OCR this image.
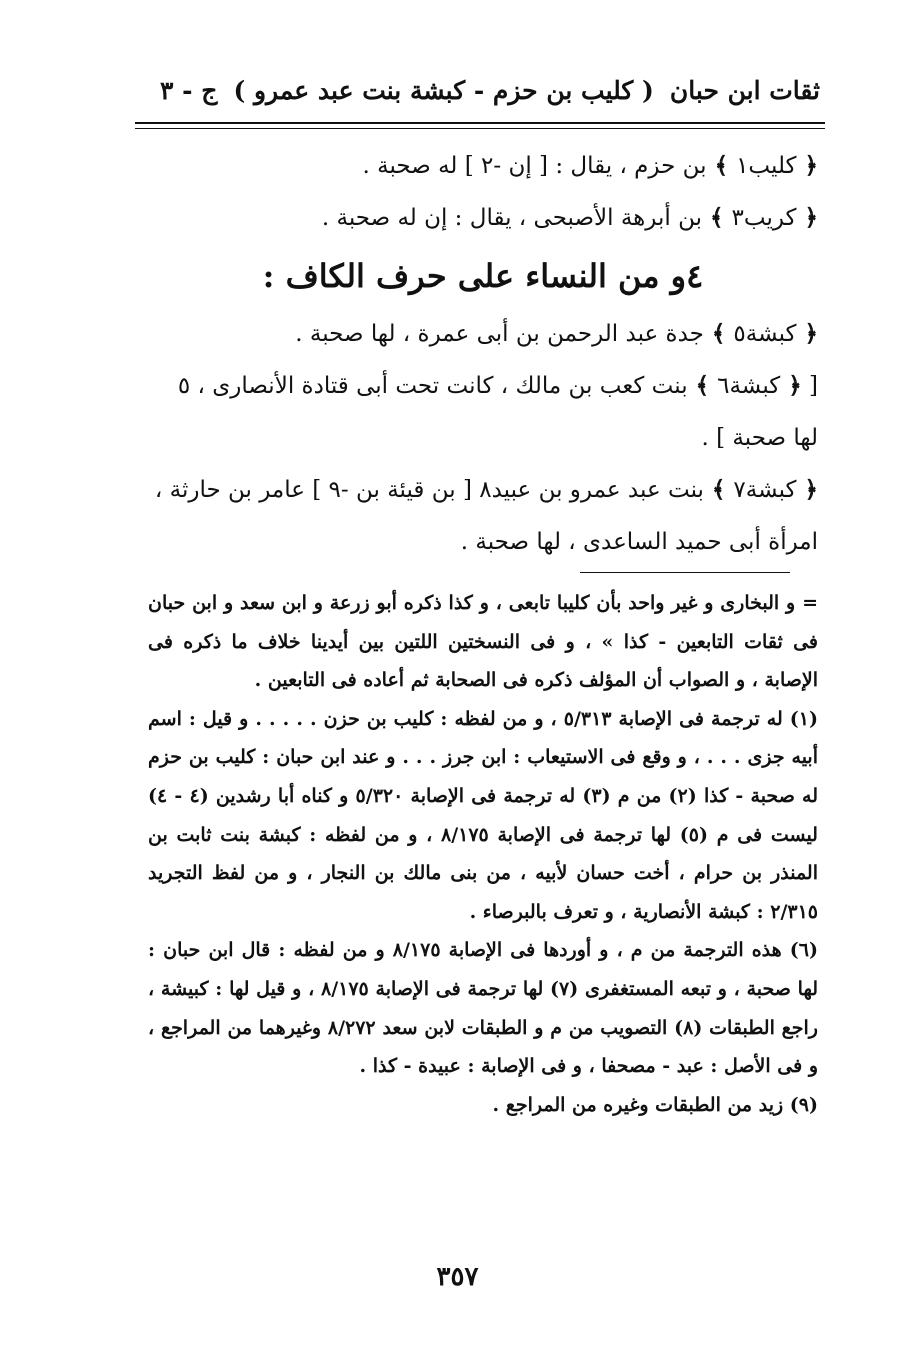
ثقات ابن حبان
( كليب بن حزم - كبشة بنت عبد عمرو )
ج - ٣

﴿ كليب١ ﴾ بن حزم ، يقال : [ إن -٢ ] له صحبة .

﴿ كريب٣ ﴾ بن أبرهة الأصبحى ، يقال : إن له صحبة .

٤و من النساء على حرف الكاف :

﴿ كبشة٥ ﴾ جدة عبد الرحمن بن أبى عمرة ، لها صحبة .

[ ﴿ كبشة٦ ﴾ بنت كعب بن مالك ، كانت تحت أبى قتادة الأنصارى ، ٥ لها صحبة ] .

﴿ كبشة٧ ﴾ بنت عبد عمرو بن عبيد٨ [ بن قيئة بن -٩ ] عامر بن حارثة ، امرأة أبى حميد الساعدى ، لها صحبة .

= و البخارى و غير واحد بأن كليبا تابعى ، و كذا ذكره أبو زرعة و ابن سعد و ابن حبان فى ثقات التابعين - كذا » ، و فى النسختين اللتين بين أيدينا خلاف ما ذكره فى الإصابة ، و الصواب أن المؤلف ذكره فى الصحابة ثم أعاده فى التابعين .

(١) له ترجمة فى الإصابة ٥/٣١٣ ، و من لفظه : كليب بن حزن . . . . . و قيل : اسم أبيه جزى . . . ، و وقع فى الاستيعاب : ابن جرز . . . و عند ابن حبان : كليب بن حزم له صحبة - كذا (٢) من م (٣) له ترجمة فى الإصابة ٥/٣٢٠ و كناه أبا رشدين (٤ - ٤) ليست فى م (٥) لها ترجمة فى الإصابة ٨/١٧٥ ، و من لفظه : كبشة بنت ثابت بن المنذر بن حرام ، أخت حسان لأبيه ، من بنى مالك بن النجار ، و من لفظ التجريد ٢/٣١٥ : كبشة الأنصارية ، و تعرف بالبرصاء .

(٦) هذه الترجمة من م ، و أوردها فى الإصابة ٨/١٧٥ و من لفظه : قال ابن حبان : لها صحبة ، و تبعه المستغفرى (٧) لها ترجمة فى الإصابة ٨/١٧٥ ، و قيل لها : كبيشة ، راجع الطبقات (٨) التصويب من م و الطبقات لابن سعد ٨/٢٧٢ وغيرهما من المراجع ، و فى الأصل : عبد - مصحفا ، و فى الإصابة : عبيدة - كذا .

(٩) زيد من الطبقات وغيره من المراجع .

٣٥٧
